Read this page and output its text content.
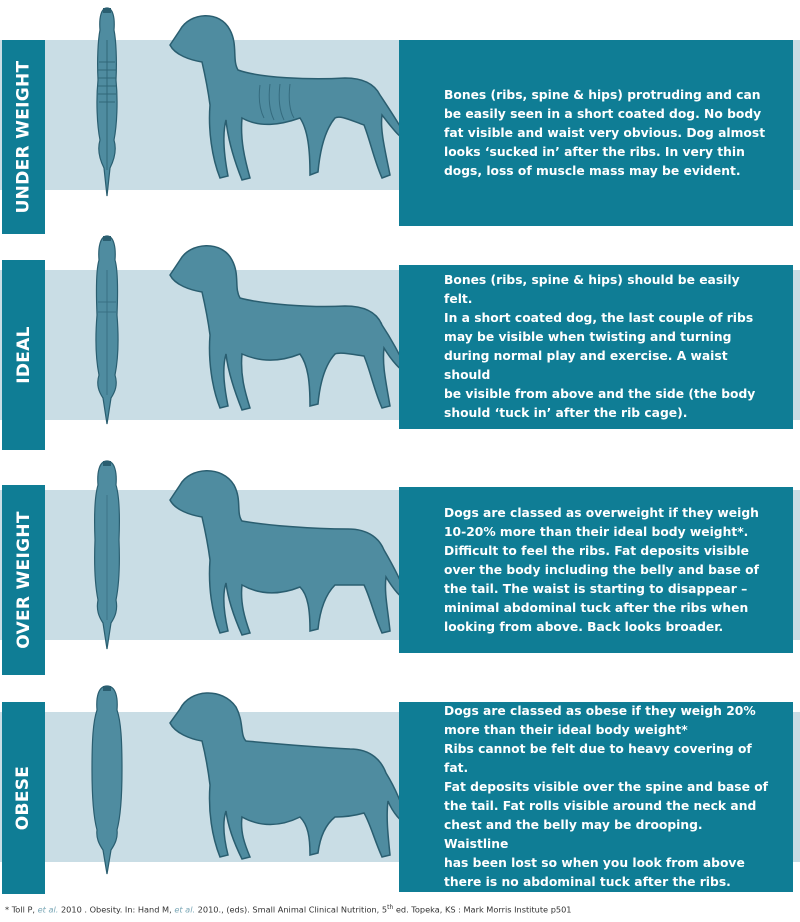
UNDER WEIGHT	Bones (ribs, spine & hips) protruding and can
be easily seen in a short coated dog. No body
fat visible and waist very obvious. Dog almost
looks ‘sucked in’ after the ribs. In very thin
dogs, loss of muscle mass may be evident.
IDEAL
Bones (ribs, spine & hips) should be easily felt.
In a short coated dog, the last couple of ribs
may be visible when twisting and turning
during normal play and exercise. A waist should
be visible from above and the side (the body
should ‘tuck in’ after the rib cage).
OVER WEIGHT	Dogs are classed as overweight if they weigh
10-20% more than their ideal body weight*.
Difficult to feel the ribs. Fat deposits visible
over the body including the belly and base of
the tail. The waist is starting to disappear –
minimal abdominal tuck after the ribs when
looking from above. Back looks broader.
OBESE
Dogs are classed as obese if they weigh 20%
more than their ideal body weight*
Ribs cannot be felt due to heavy covering of fat.
Fat deposits visible over the spine and base of
the tail. Fat rolls visible around the neck and
chest and the belly may be drooping. Waistline
has been lost so when you look from above
there is no abdominal tuck after the ribs.
* Toll P, et al. 2010 . Obesity. In: Hand M, et al. 2010., (eds). Small Animal Clinical Nutrition, 5th ed. Topeka, KS : Mark Morris Institute p501
